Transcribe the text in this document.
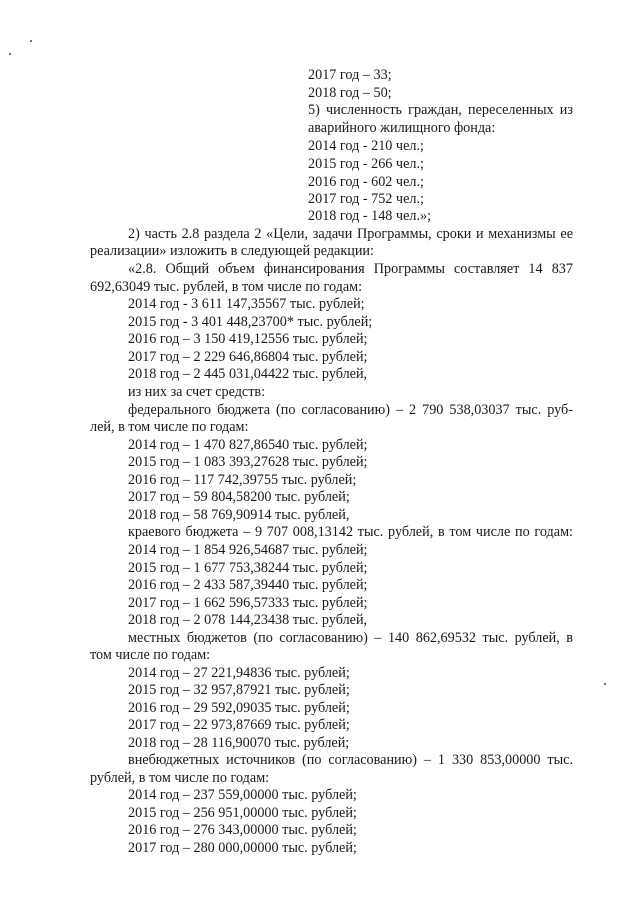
2017 год – 33;
2018 год – 50;
5) численность граждан, переселенных из
аварийного жилищного фонда:
2014 год - 210 чел.;
2015 год - 266 чел.;
2016 год - 602 чел.;
2017 год - 752 чел.;
2018 год - 148 чел.»;
2) часть 2.8 раздела 2 «Цели, задачи Программы, сроки и механизмы ее
реализации» изложить в следующей редакции:
«2.8. Общий объем финансирования Программы составляет 14 837
692,63049 тыс. рублей, в том числе по годам:
2014 год - 3 611 147,35567 тыс. рублей;
2015 год - 3 401 448,23700* тыс. рублей;
2016 год – 3 150 419,12556 тыс. рублей;
2017 год – 2 229 646,86804 тыс. рублей;
2018 год – 2 445 031,04422 тыс. рублей,
из них за счет средств:
федерального бюджета (по согласованию) – 2 790 538,03037 тыс. руб-
лей, в том числе по годам:
2014 год – 1 470 827,86540 тыс. рублей;
2015 год – 1 083 393,27628 тыс. рублей;
2016 год – 117 742,39755 тыс. рублей;
2017 год – 59 804,58200 тыс. рублей;
2018 год – 58 769,90914 тыс. рублей,
краевого бюджета – 9 707 008,13142 тыс. рублей, в том числе по годам:
2014 год – 1 854 926,54687 тыс. рублей;
2015 год – 1 677 753,38244 тыс. рублей;
2016 год – 2 433 587,39440 тыс. рублей;
2017 год – 1 662 596,57333 тыс. рублей;
2018 год – 2 078 144,23438 тыс. рублей,
местных бюджетов (по согласованию) – 140 862,69532 тыс. рублей, в
том числе по годам:
2014 год – 27 221,94836 тыс. рублей;
2015 год – 32 957,87921 тыс. рублей;
2016 год – 29 592,09035 тыс. рублей;
2017 год – 22 973,87669 тыс. рублей;
2018 год – 28 116,90070 тыс. рублей;
внебюджетных источников (по согласованию) – 1 330 853,00000 тыс.
рублей, в том числе по годам:
2014 год – 237 559,00000 тыс. рублей;
2015 год – 256 951,00000 тыс. рублей;
2016 год – 276 343,00000 тыс. рублей;
2017 год – 280 000,00000 тыс. рублей;
